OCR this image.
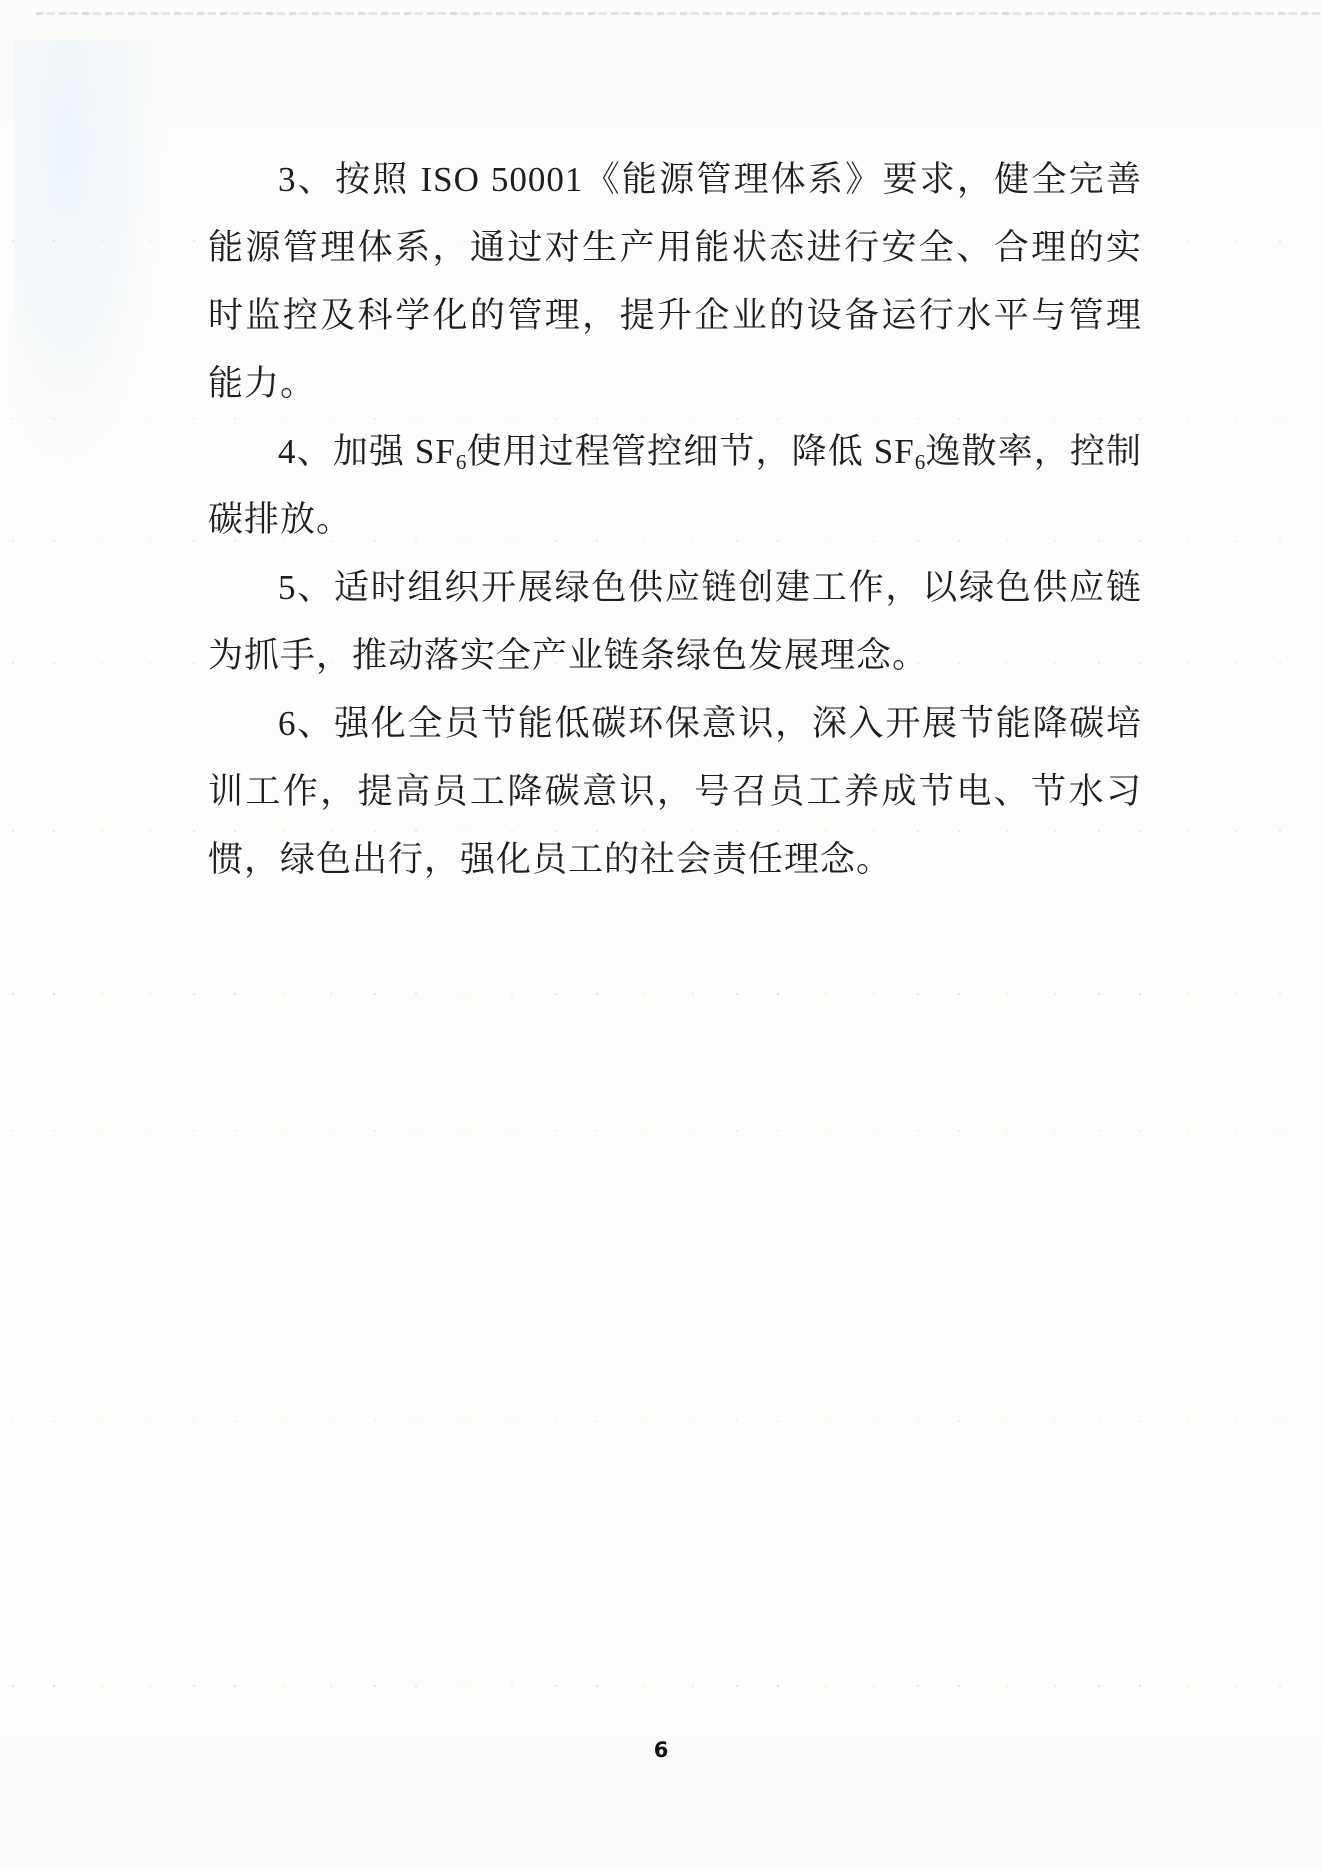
3、按照 ISO 50001《能源管理体系》要求，健全完善能源管理体系，通过对生产用能状态进行安全、合理的实时监控及科学化的管理，提升企业的设备运行水平与管理能力。

4、加强 $SF_6$使用过程管控细节，降低 $SF_6$逸散率，控制碳排放。

5、适时组织开展绿色供应链创建工作，以绿色供应链为抓手，推动落实全产业链条绿色发展理念。

6、强化全员节能低碳环保意识，深入开展节能降碳培训工作，提高员工降碳意识，号召员工养成节电、节水习惯，绿色出行，强化员工的社会责任理念。

6
